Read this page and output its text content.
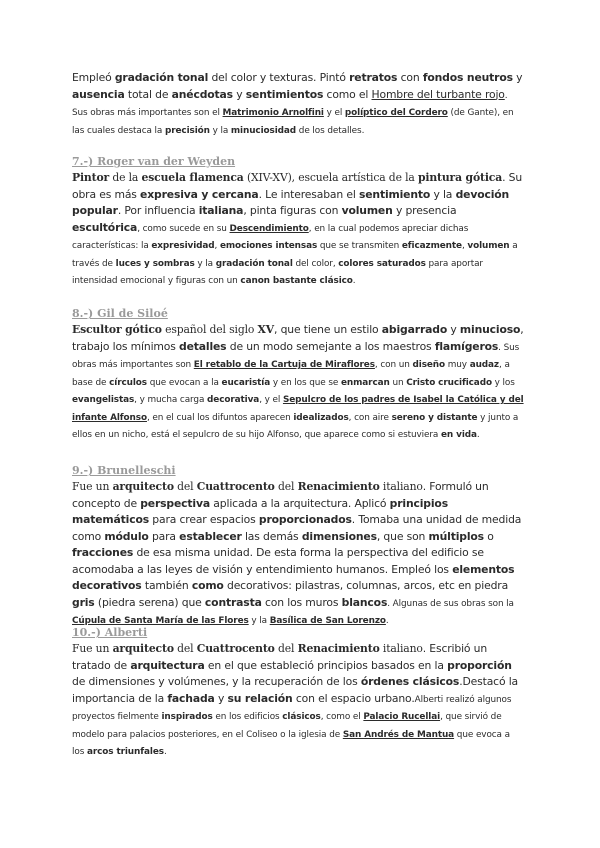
Empleó gradación tonal del color y texturas. Pintó retratos con fondos neutros y ausencia total de anécdotas y sentimientos como el Hombre del turbante rojo. Sus obras más importantes son el Matrimonio Arnolfini y el políptico del Cordero (de Gante), en las cuales destaca la precisión y la minuciosidad de los detalles.

7.-) Roger van der Weyden

Pintor de la escuela flamenca (XIV-XV), escuela artística de la pintura gótica. Su obra es más expresiva y cercana. Le interesaban el sentimiento y la devoción popular. Por influencia italiana, pinta figuras con volumen y presencia escultórica, como sucede en su Descendimiento, en la cual podemos apreciar dichas características: la expresividad, emociones intensas que se transmiten eficazmente, volumen a través de luces y sombras y la gradación tonal del color, colores saturados para aportar intensidad emocional y figuras con un canon bastante clásico.

8.-) Gil de Siloé

Escultor gótico español del siglo XV, que tiene un estilo abigarrado y minucioso, trabajo los mínimos detalles de un modo semejante a los maestros flamígeros. Sus obras más importantes son El retablo de la Cartuja de Miraflores, con un diseño muy audaz, a base de círculos que evocan a la eucaristía y en los que se enmarcan un Cristo crucificado y los evangelistas, y mucha carga decorativa, y el Sepulcro de los padres de Isabel la Católica y del infante Alfonso, en el cual los difuntos aparecen idealizados, con aire sereno y distante y junto a ellos en un nicho, está el sepulcro de su hijo Alfonso, que aparece como si estuviera en vida.

9.-) Brunelleschi

Fue un arquitecto del Cuattrocento del Renacimiento italiano. Formuló un concepto de perspectiva aplicada a la arquitectura. Aplicó principios matemáticos para crear espacios proporcionados. Tomaba una unidad de medida como módulo para establecer las demás dimensiones, que son múltiplos o fracciones de esa misma unidad. De esta forma la perspectiva del edificio se acomodaba a las leyes de visión y entendimiento humanos. Empleó los elementos decorativos también como decorativos: pilastras, columnas, arcos, etc en piedra gris (piedra serena) que contrasta con los muros blancos. Algunas de sus obras son la Cúpula de Santa María de las Flores y la Basílica de San Lorenzo.

10.-) Alberti

Fue un arquitecto del Cuattrocento del Renacimiento italiano. Escribió un tratado de arquitectura en el que estableció principios basados en la proporción de dimensiones y volúmenes, y la recuperación de los órdenes clásicos.Destacó la importancia de la fachada y su relación con el espacio urbano.Alberti realizó algunos proyectos fielmente inspirados en los edificios clásicos, como el Palacio Rucellai, que sirvió de modelo para palacios posteriores, en el Coliseo o la iglesia de San Andrés de Mantua que evoca a los arcos triunfales.
